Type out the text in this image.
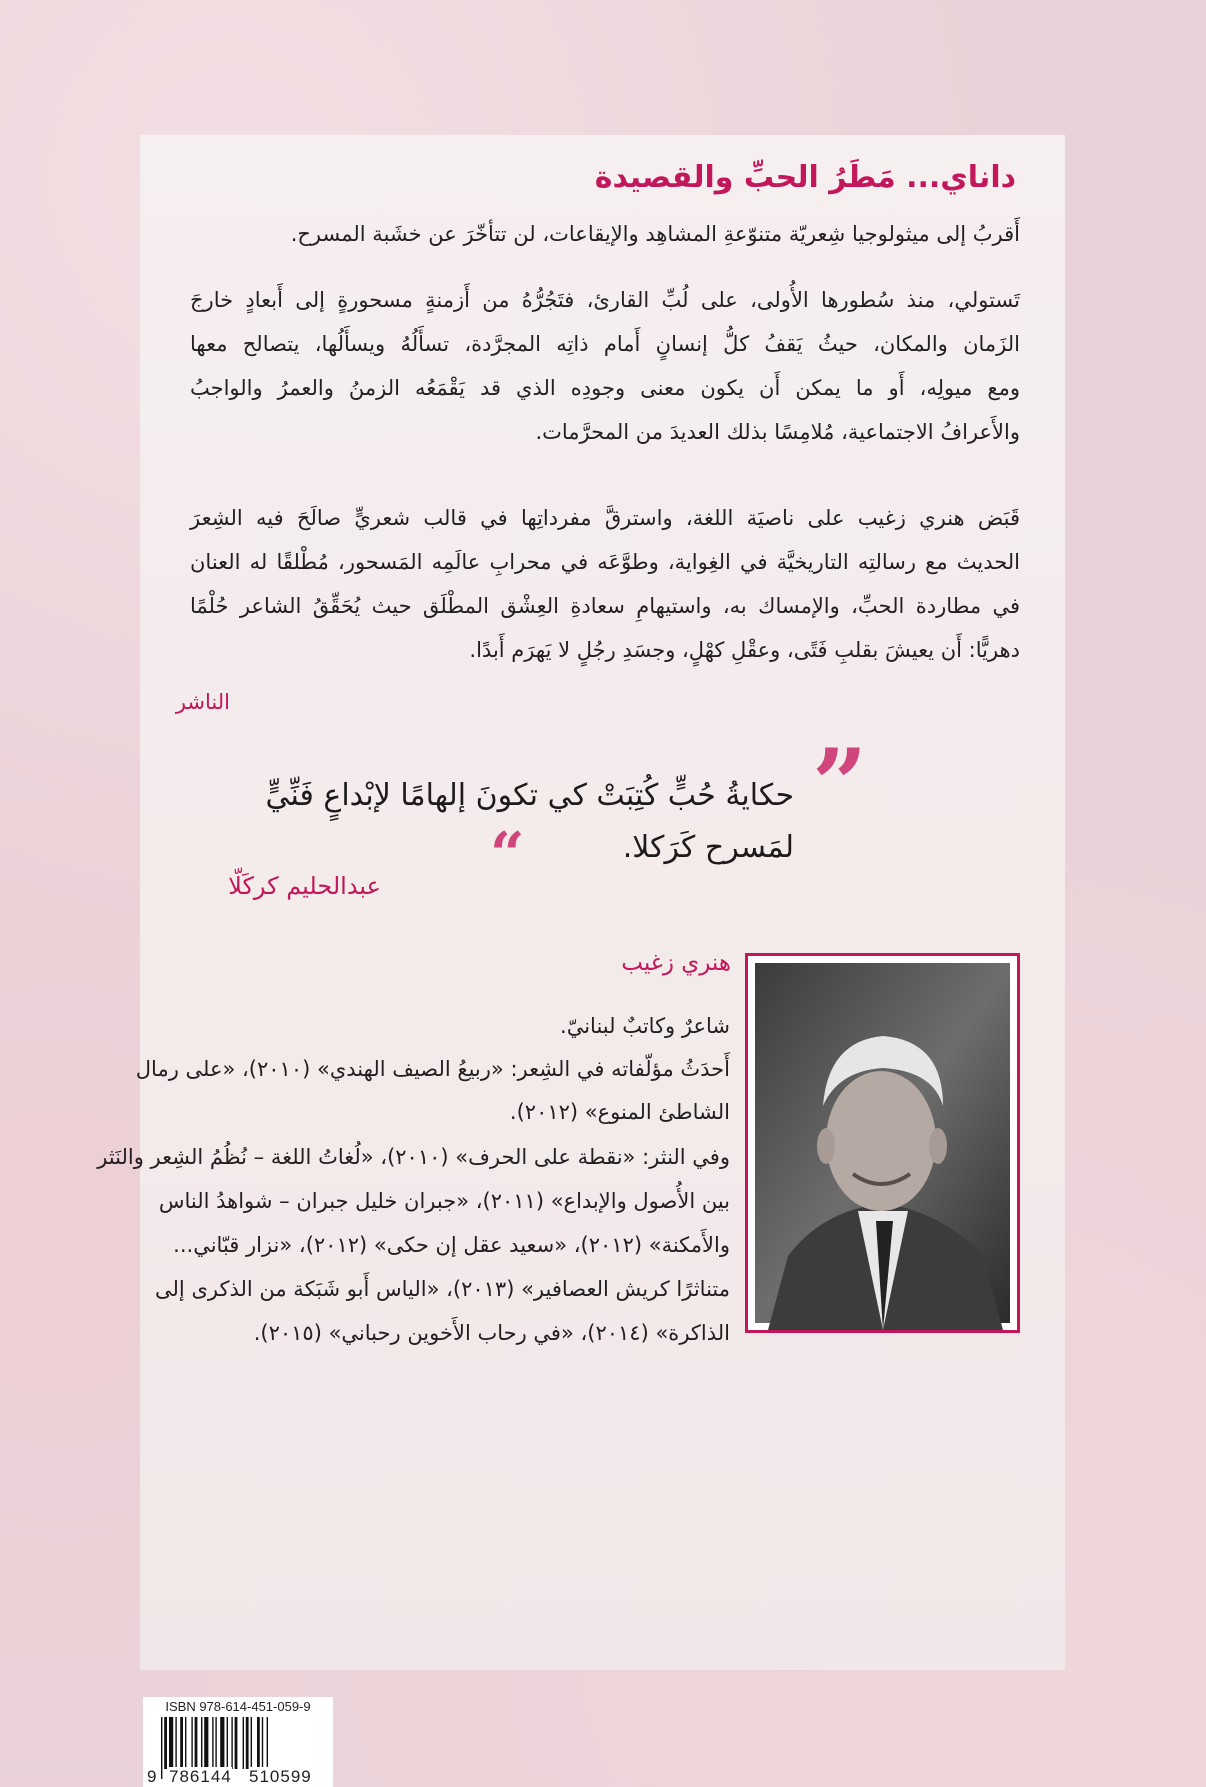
داناي... مَطَرُ الحبِّ والقصيدة
أَقربُ إلى ميثولوجيا شِعريّة متنوّعةِ المشاهِد والإيقاعات، لن تتأخّرَ عن خشَبة المسرح.
تَستولي، منذ سُطورها الأُولى، على لُبِّ القارئ، فتَجُرُّهُ من أَزمنةٍ مسحورةٍ إلى أَبعادٍ خارجَ
الزَمان والمكان، حيثُ يَقفُ كلُّ إنسانٍ أَمام ذاتِه المجرَّدة، تسأَلُهُ ويسأَلُها، يتصالح معها
ومع ميولِه، أَو ما يمكن أَن يكون معنى وجودِه الذي قد يَقْمَعُه الزمنُ والعمرُ والواجبُ
والأَعرافُ الاجتماعية، مُلامِسًا بذلك العديدَ من المحرَّمات.
قَبَض هنري زغيب على ناصيَة اللغة، واسترقَّ مفرداتِها في قالب شعريٍّ صالَحَ فيه الشِعرَ
الحديث مع رسالتِه التاريخيَّة في الغِواية، وطوَّعَه في محرابِ عالَمِه المَسحور، مُطْلقًا له العنان
في مطاردة الحبِّ، والإمساك به، واستيهامِ سعادةِ العِشْق المطْلَق حيث يُحَقِّقُ الشاعر حُلْمًا
دهريًّا: أَن يعيشَ بقلبِ فَتًى، وعقْلِ كهْلٍ، وجسَدِ رجُلٍ لا يَهرَم أَبدًا.
الناشر
”
حكايةُ حُبٍّ كُتِبَتْ كي تكونَ إلهامًا لإبْداعٍ فَنِّيٍّ
لمَسرح كَرَكلا.
“
عبدالحليم كركَلّا
هنري زغيب
شاعرٌ وكاتبٌ لبنانيّ.
أَحدَثُ مؤلّفاته في الشِعر: «ربيعُ الصيف الهندي» (٢٠١٠)، «على رمال
الشاطئ المنوع» (٢٠١٢).
وفي النثر: «نقطة على الحرف» (٢٠١٠)، «لُغاتُ اللغة – نُظُمُ الشِعر والنَثر
بين الأُصول والإبداع» (٢٠١١)، «جبران خليل جبران – شواهدُ الناس
والأَمكنة» (٢٠١٢)، «سعيد عقل إن حكى» (٢٠١٢)، «نزار قبّاني...
متناثرًا كريش العصافير» (٢٠١٣)، «الياس أَبو شَبَكة من الذكرى إلى
الذاكرة» (٢٠١٤)، «في رحاب الأَخوين رحباني» (٢٠١٥).
ISBN 978-614-451-059-9
9 786144 510599
